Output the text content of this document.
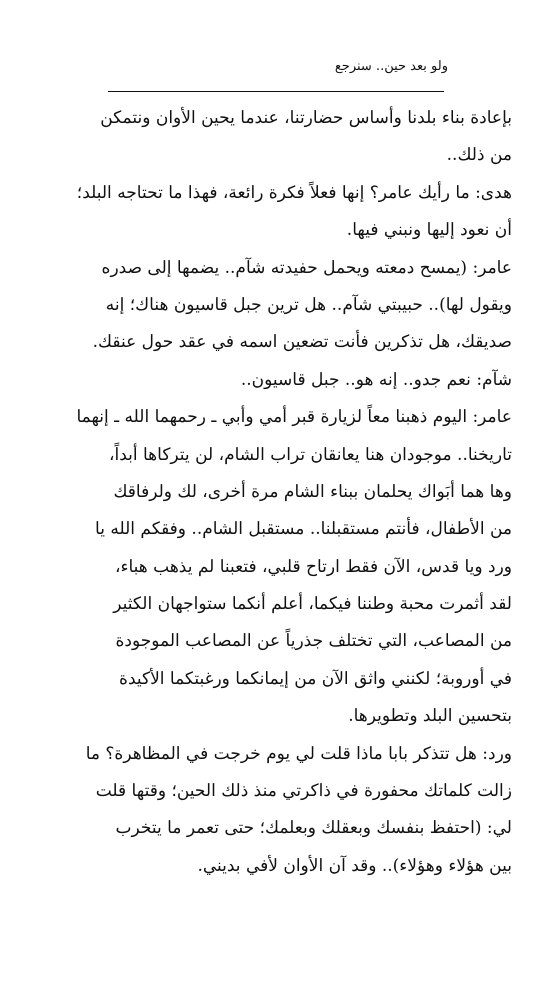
ولو بعد حين.. سنرجع
بإعادة بناء بلدنا وأساس حضارتنا، عندما يحين الأوان ونتمكن
من ذلك..
هدى: ما رأيك عامر؟ إنها فعلاً فكرة رائعة، فهذا ما تحتاجه البلد؛
أن نعود إليها ونبني فيها.
عامر: (يمسح دمعته ويحمل حفيدته شآم.. يضمها إلى صدره
ويقول لها).. حبيبتي شآم.. هل ترين جبل قاسيون هناك؛ إنه
صديقك، هل تذكرين فأنت تضعين اسمه في عقد حول عنقك.
شآم: نعم جدو.. إنه هو.. جبل قاسيون..
عامر: اليوم ذهبنا معاً لزيارة قبر أمي وأبي ـ رحمهما الله ـ إنهما
تاريخنا.. موجودان هنا يعانقان تراب الشام، لن يتركاها أبداً،
وها هما أبَواك يحلمان ببناء الشام مرة أخرى، لك ولرفاقك
من الأطفال، فأنتم مستقبلنا.. مستقبل الشام.. وفقكم الله يا
ورد ويا قدس، الآن فقط ارتاح قلبي، فتعبنا لم يذهب هباء،
لقد أثمرت محبة وطننا فيكما، أعلم أنكما ستواجهان الكثير
من المصاعب، التي تختلف جذرياً عن المصاعب الموجودة
في أوروبة؛ لكنني واثق الآن من إيمانكما ورغبتكما الأكيدة
بتحسين البلد وتطويرها.
ورد: هل تتذكر بابا ماذا قلت لي يوم خرجت في المظاهرة؟ ما
زالت كلماتك محفورة في ذاكرتي منذ ذلك الحين؛ وقتها قلت
لي: (احتفظ بنفسك وبعقلك وبعلمك؛ حتى تعمر ما يتخرب
بين هؤلاء وهؤلاء).. وقد آن الأوان لأفي بديني.
